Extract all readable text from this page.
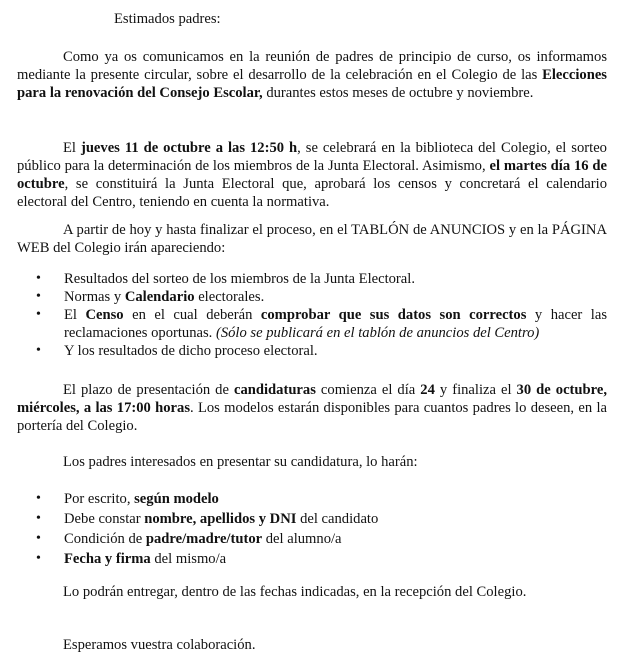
Estimados padres:
Como ya os comunicamos en la reunión de padres de principio de curso, os informamos mediante la presente circular, sobre el desarrollo de la celebración en el Colegio de las Elecciones para la renovación del Consejo Escolar, durantes estos meses de octubre y noviembre.
El jueves 11 de octubre a las 12:50 h, se celebrará en la biblioteca del Colegio, el sorteo público para la determinación de los miembros de la Junta Electoral. Asimismo, el martes día 16 de octubre, se constituirá la Junta Electoral que, aprobará los censos y concretará el calendario electoral del Centro, teniendo en cuenta la normativa.
A partir de hoy y hasta finalizar el proceso, en el TABLÓN de ANUNCIOS y en la PÁGINA WEB del Colegio irán apareciendo:
• Resultados del sorteo de los miembros de la Junta Electoral.
• Normas y Calendario electorales.
• El Censo en el cual deberán comprobar que sus datos son correctos y hacer las reclamaciones oportunas. (Sólo se publicará en el tablón de anuncios del Centro)
• Y los resultados de dicho proceso electoral.
El plazo de presentación de candidaturas comienza el día 24 y finaliza el 30 de octubre, miércoles, a las 17:00 horas. Los modelos estarán disponibles para cuantos padres lo deseen, en la portería del Colegio.
Los padres interesados en presentar su candidatura, lo harán:
• Por escrito, según modelo
• Debe constar nombre, apellidos y DNI del candidato
• Condición de padre/madre/tutor del alumno/a
• Fecha y firma del mismo/a
Lo podrán entregar, dentro de las fechas indicadas, en la recepción del Colegio.
Esperamos vuestra colaboración.
